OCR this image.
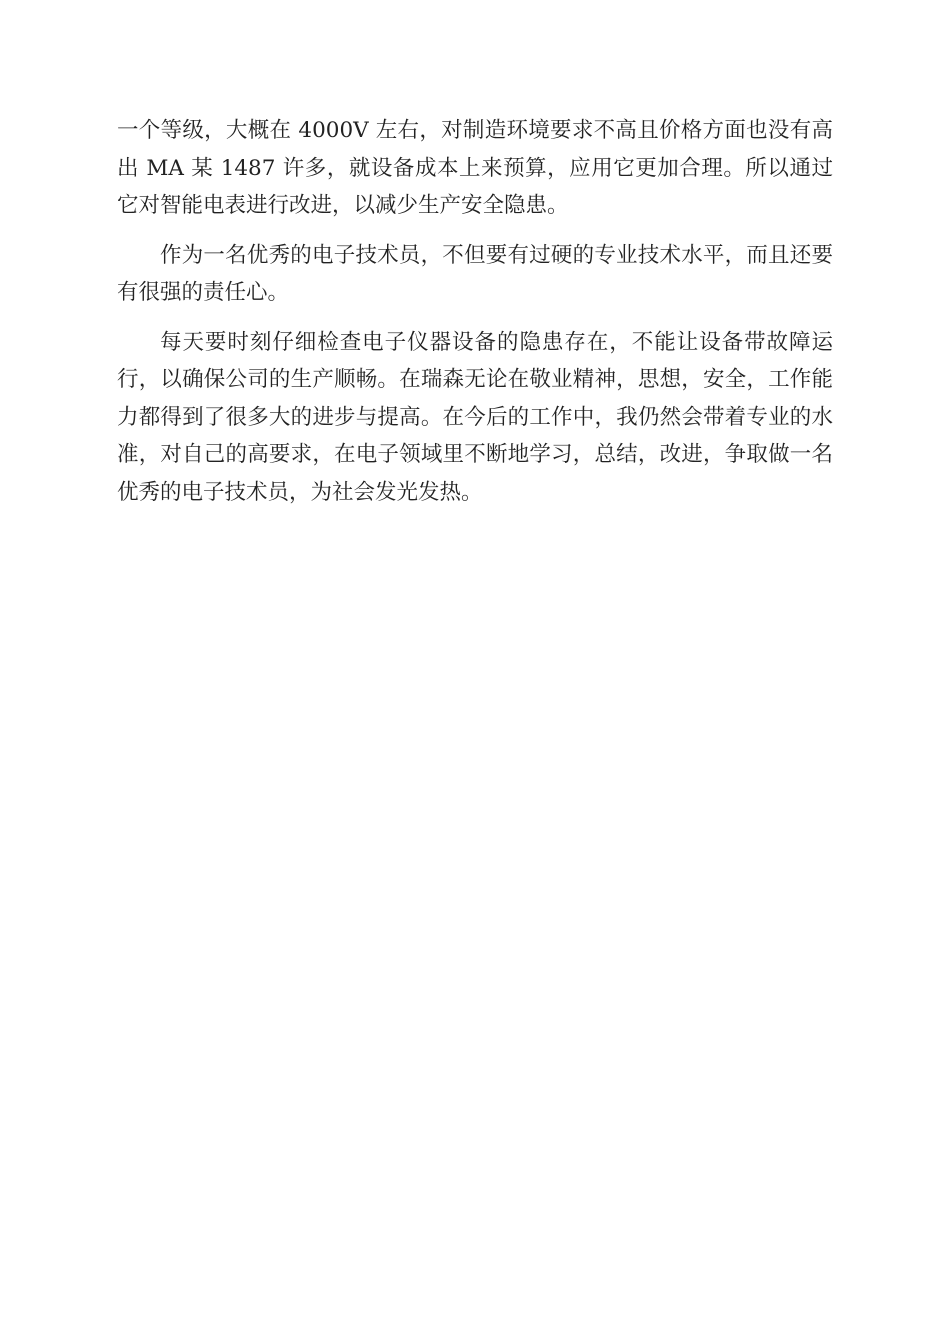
一个等级，大概在 4000V 左右，对制造环境要求不高且价格方面也没有高出 MA 某 1487 许多，就设备成本上来预算，应用它更加合理。所以通过它对智能电表进行改进，以减少生产安全隐患。

作为一名优秀的电子技术员，不但要有过硬的专业技术水平，而且还要有很强的责任心。

每天要时刻仔细检查电子仪器设备的隐患存在，不能让设备带故障运行，以确保公司的生产顺畅。在瑞森无论在敬业精神，思想，安全，工作能力都得到了很多大的进步与提高。在今后的工作中，我仍然会带着专业的水准，对自己的高要求，在电子领域里不断地学习，总结，改进，争取做一名优秀的电子技术员，为社会发光发热。
